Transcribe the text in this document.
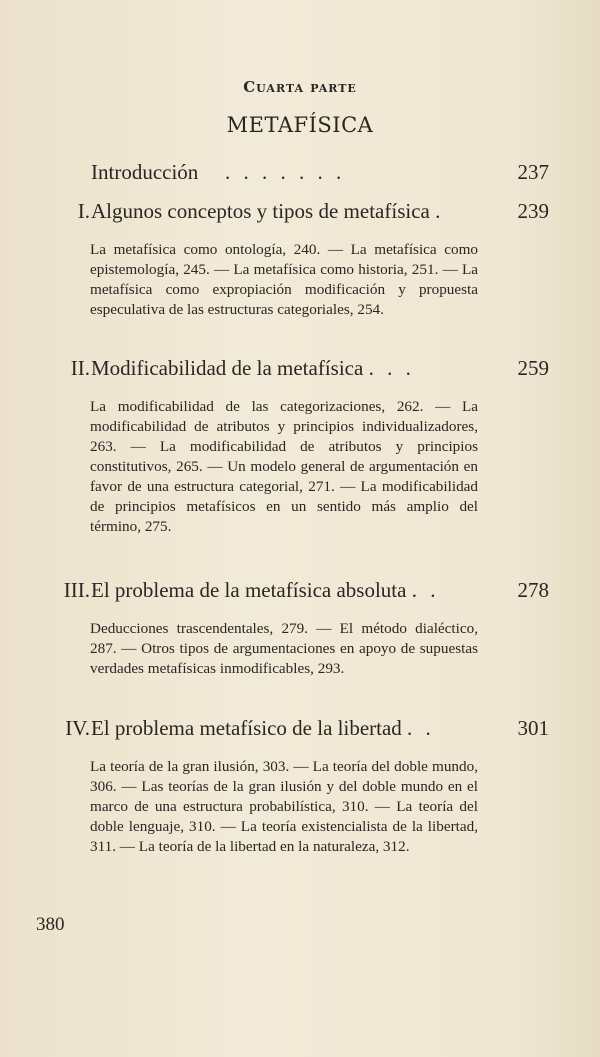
Cuarta parte
METAFÍSICA
Introducción	237
. . . . . . .
I. Algunos conceptos y tipos de metafísica .	239
La metafísica como ontología, 240. — La metafísica como epistemología, 245. — La metafísica como historia, 251. — La metafísica como expropiación modificación y propuesta especulativa de las estructuras categoriales, 254.
II. Modificabilidad de la metafísica . . .	259
La modificabilidad de las categorizaciones, 262. — La modificabilidad de atributos y principios individualizadores, 263. — La modificabilidad de atributos y principios constitutivos, 265. — Un modelo general de argumentación en favor de una estructura categorial, 271. — La modificabilidad de principios metafísicos en un sentido más amplio del término, 275.
III. El problema de la metafísica absoluta . .	278
Deducciones trascendentales, 279. — El método dialéctico, 287. — Otros tipos de argumentaciones en apoyo de supuestas verdades metafísicas inmodificables, 293.
IV. El problema metafísico de la libertad . .	301
La teoría de la gran ilusión, 303. — La teoría del doble mundo, 306. — Las teorías de la gran ilusión y del doble mundo en el marco de una estructura probabilística, 310. — La teoría del doble lenguaje, 310. — La teoría existencialista de la libertad, 311. — La teoría de la libertad en la naturaleza, 312.
380
